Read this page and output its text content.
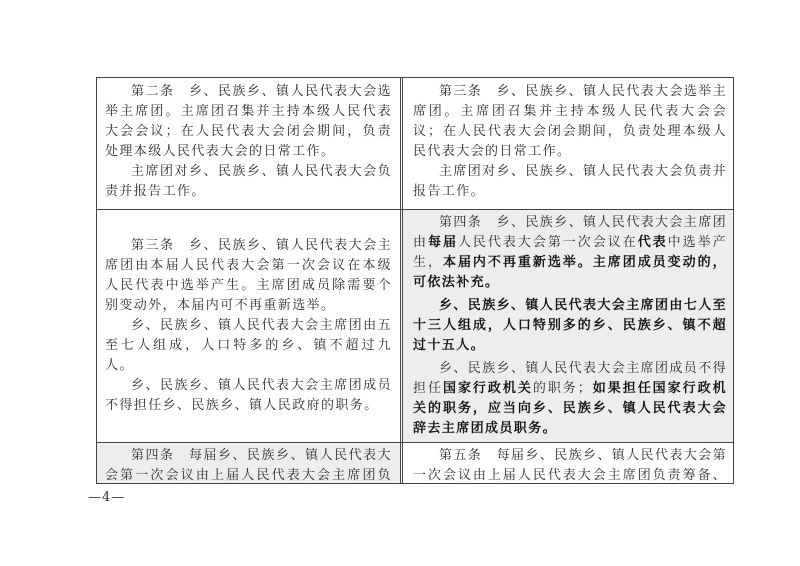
第二条　乡、民族乡、镇人民代表大会选举主席团。主席团召集并主持本级人民代表大会会议；在人民代表大会闭会期间，负责处理本级人民代表大会的日常工作。

主席团对乡、民族乡、镇人民代表大会负责并报告工作。

第三条　乡、民族乡、镇人民代表大会选举主席团。主席团召集并主持本级人民代表大会会议；在人民代表大会闭会期间，负责处理本级人民代表大会的日常工作。

主席团对乡、民族乡、镇人民代表大会负责并报告工作。

第三条　乡、民族乡、镇人民代表大会主席团由本届人民代表大会第一次会议在本级人民代表中选举产生。主席团成员除需要个别变动外，本届内可不再重新选举。

乡、民族乡、镇人民代表大会主席团由五至七人组成，人口特多的乡、镇不超过九人。

乡、民族乡、镇人民代表大会主席团成员不得担任乡、民族乡、镇人民政府的职务。

第四条　乡、民族乡、镇人民代表大会主席团由每届人民代表大会第一次会议在代表中选举产生，本届内不再重新选举。主席团成员变动的，可依法补充。

乡、民族乡、镇人民代表大会主席团由七人至十三人组成，人口特别多的乡、民族乡、镇不超过十五人。

乡、民族乡、镇人民代表大会主席团成员不得担任国家行政机关的职务；如果担任国家行政机关的职务，应当向乡、民族乡、镇人民代表大会辞去主席团成员职务。

第四条　每届乡、民族乡、镇人民代表大会第一次会议由上届人民代表大会主席团负

第五条　每届乡、民族乡、镇人民代表大会第一次会议由上届人民代表大会主席团负责筹备、

—4—
